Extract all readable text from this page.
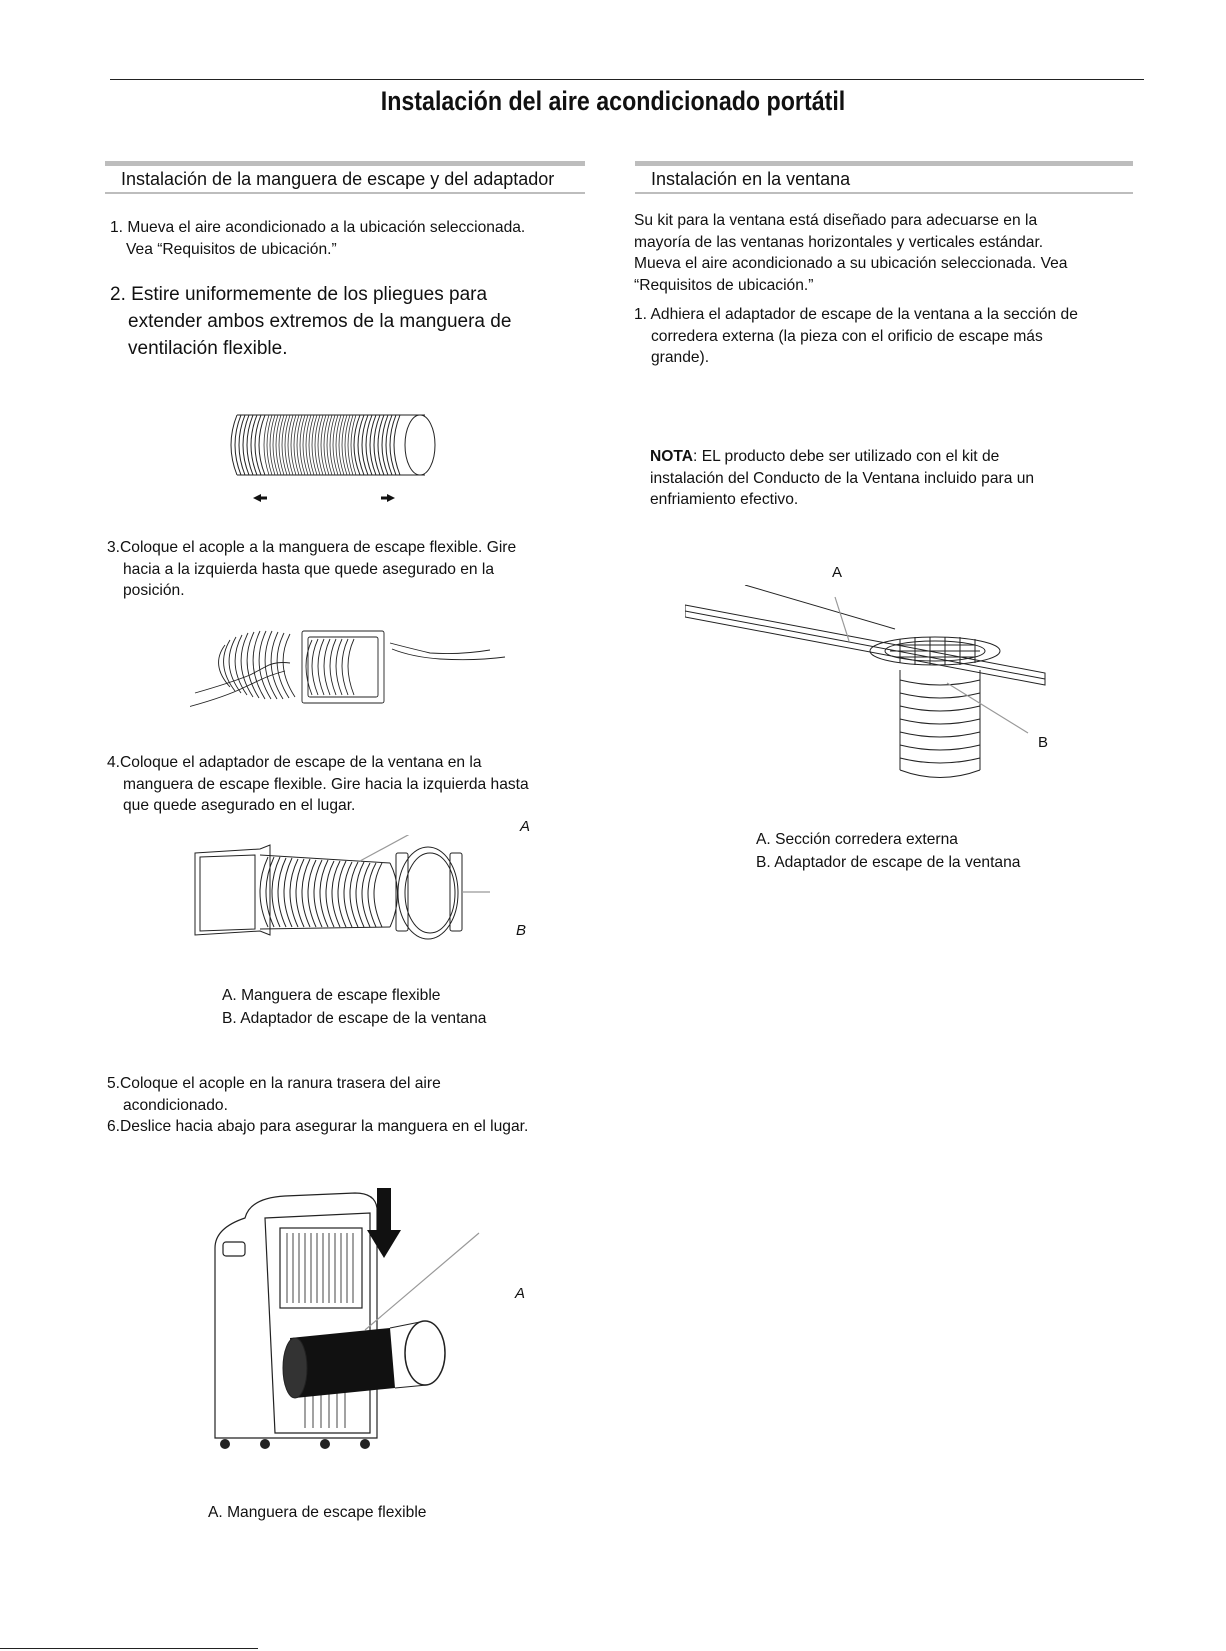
Instalación del aire acondicionado portátil
Instalación de la manguera de escape y del adaptador
1. Mueva el aire acondicionado a la ubicación seleccionada.
Vea “Requisitos de ubicación.”
2. Estire uniformemente de los pliegues para
extender ambos extremos de la manguera de
ventilación flexible.
3.Coloque el acople a la manguera de escape flexible. Gire
hacia a la izquierda hasta que quede asegurado en la
posición.
4.Coloque el adaptador de escape de la ventana en la
manguera de escape flexible. Gire hacia la izquierda hasta
que quede asegurado en el lugar.
A
B
A. Manguera de escape flexible
B. Adaptador de escape de la ventana
5.Coloque el acople en la ranura trasera del aire
acondicionado.
6.Deslice hacia abajo para asegurar la manguera en el lugar.
A
A. Manguera de escape flexible
Instalación en la ventana
Su kit para la ventana está diseñado para adecuarse en la
mayoría de las ventanas horizontales y verticales estándar.
Mueva el aire acondicionado a su ubicación seleccionada. Vea
“Requisitos de ubicación.”
1. Adhiera el adaptador de escape de la ventana a la sección de
corredera externa (la pieza con el orificio de escape más
grande).
NOTA: EL producto debe ser utilizado con el kit de
instalación del Conducto de la Ventana incluido para un
enfriamiento efectivo.
A
B
A. Sección corredera externa
B. Adaptador de escape de la ventana
